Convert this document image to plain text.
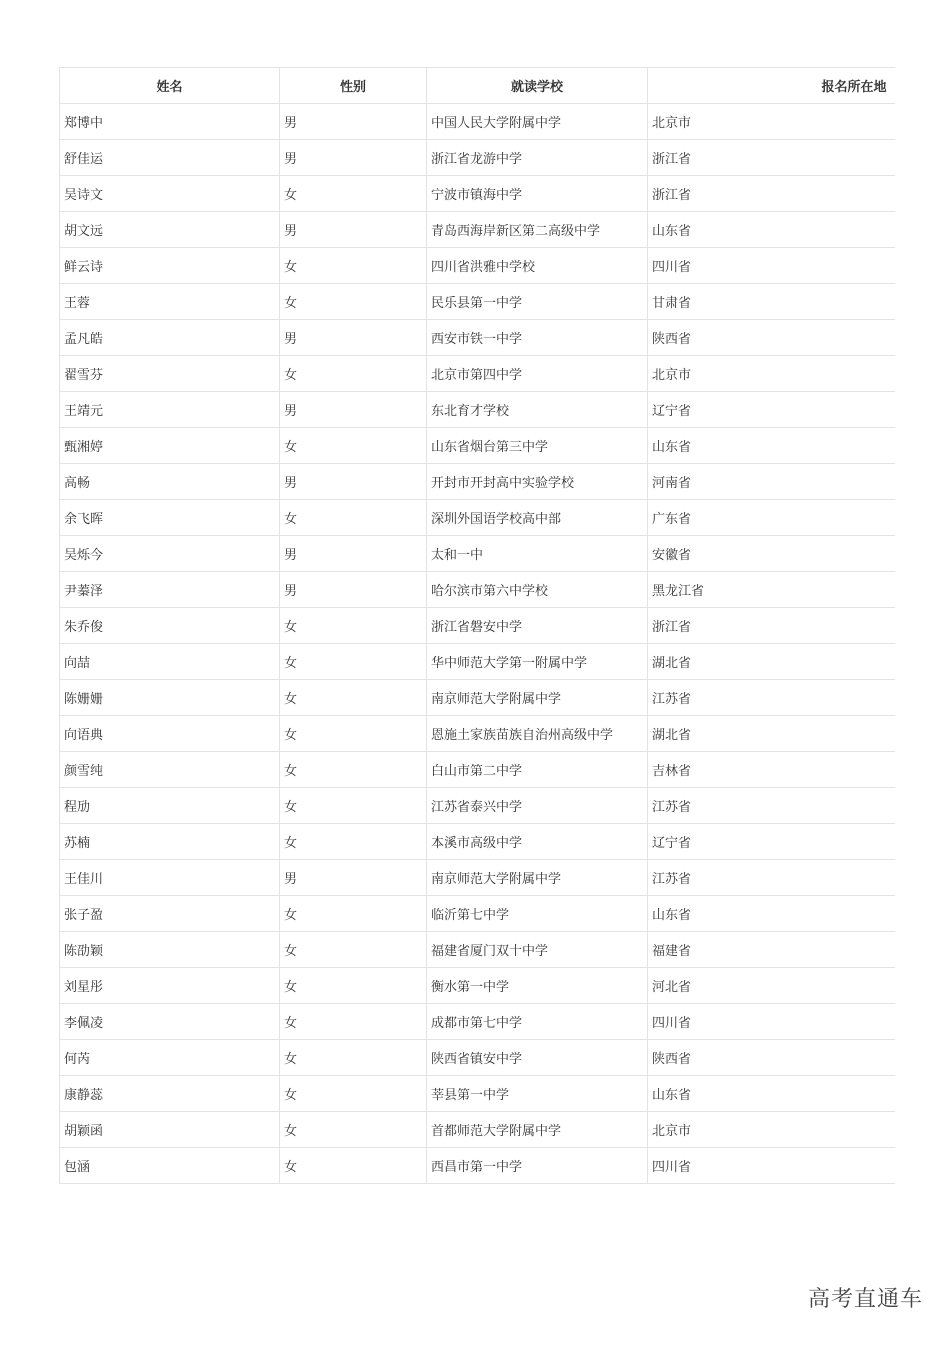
姓名	性别	就读学校	报名所在地
郑博中	男	中国人民大学附属中学	北京市
舒佳运	男	浙江省龙游中学	浙江省
吴诗文	女	宁波市镇海中学	浙江省
胡文远	男	青岛西海岸新区第二高级中学	山东省
鲜云诗	女	四川省洪雅中学校	四川省
王蓉	女	民乐县第一中学	甘肃省
孟凡皓	男	西安市铁一中学	陕西省
翟雪芬	女	北京市第四中学	北京市
王靖元	男	东北育才学校	辽宁省
甄湘婷	女	山东省烟台第三中学	山东省
高畅	男	开封市开封高中实验学校	河南省
余飞晖	女	深圳外国语学校高中部	广东省
吴烁今	男	太和一中	安徽省
尹蓁泽	男	哈尔滨市第六中学校	黑龙江省
朱乔俊	女	浙江省磐安中学	浙江省
向喆	女	华中师范大学第一附属中学	湖北省
陈姗姗	女	南京师范大学附属中学	江苏省
向语典	女	恩施土家族苗族自治州高级中学	湖北省
颜雪纯	女	白山市第二中学	吉林省
程劢	女	江苏省泰兴中学	江苏省
苏楠	女	本溪市高级中学	辽宁省
王佳川	男	南京师范大学附属中学	江苏省
张子盈	女	临沂第七中学	山东省
陈劭颖	女	福建省厦门双十中学	福建省
刘星彤	女	衡水第一中学	河北省
李佩凌	女	成都市第七中学	四川省
何芮	女	陕西省镇安中学	陕西省
康静蕊	女	莘县第一中学	山东省
胡颖函	女	首都师范大学附属中学	北京市
包涵	女	西昌市第一中学	四川省
高考直通车
